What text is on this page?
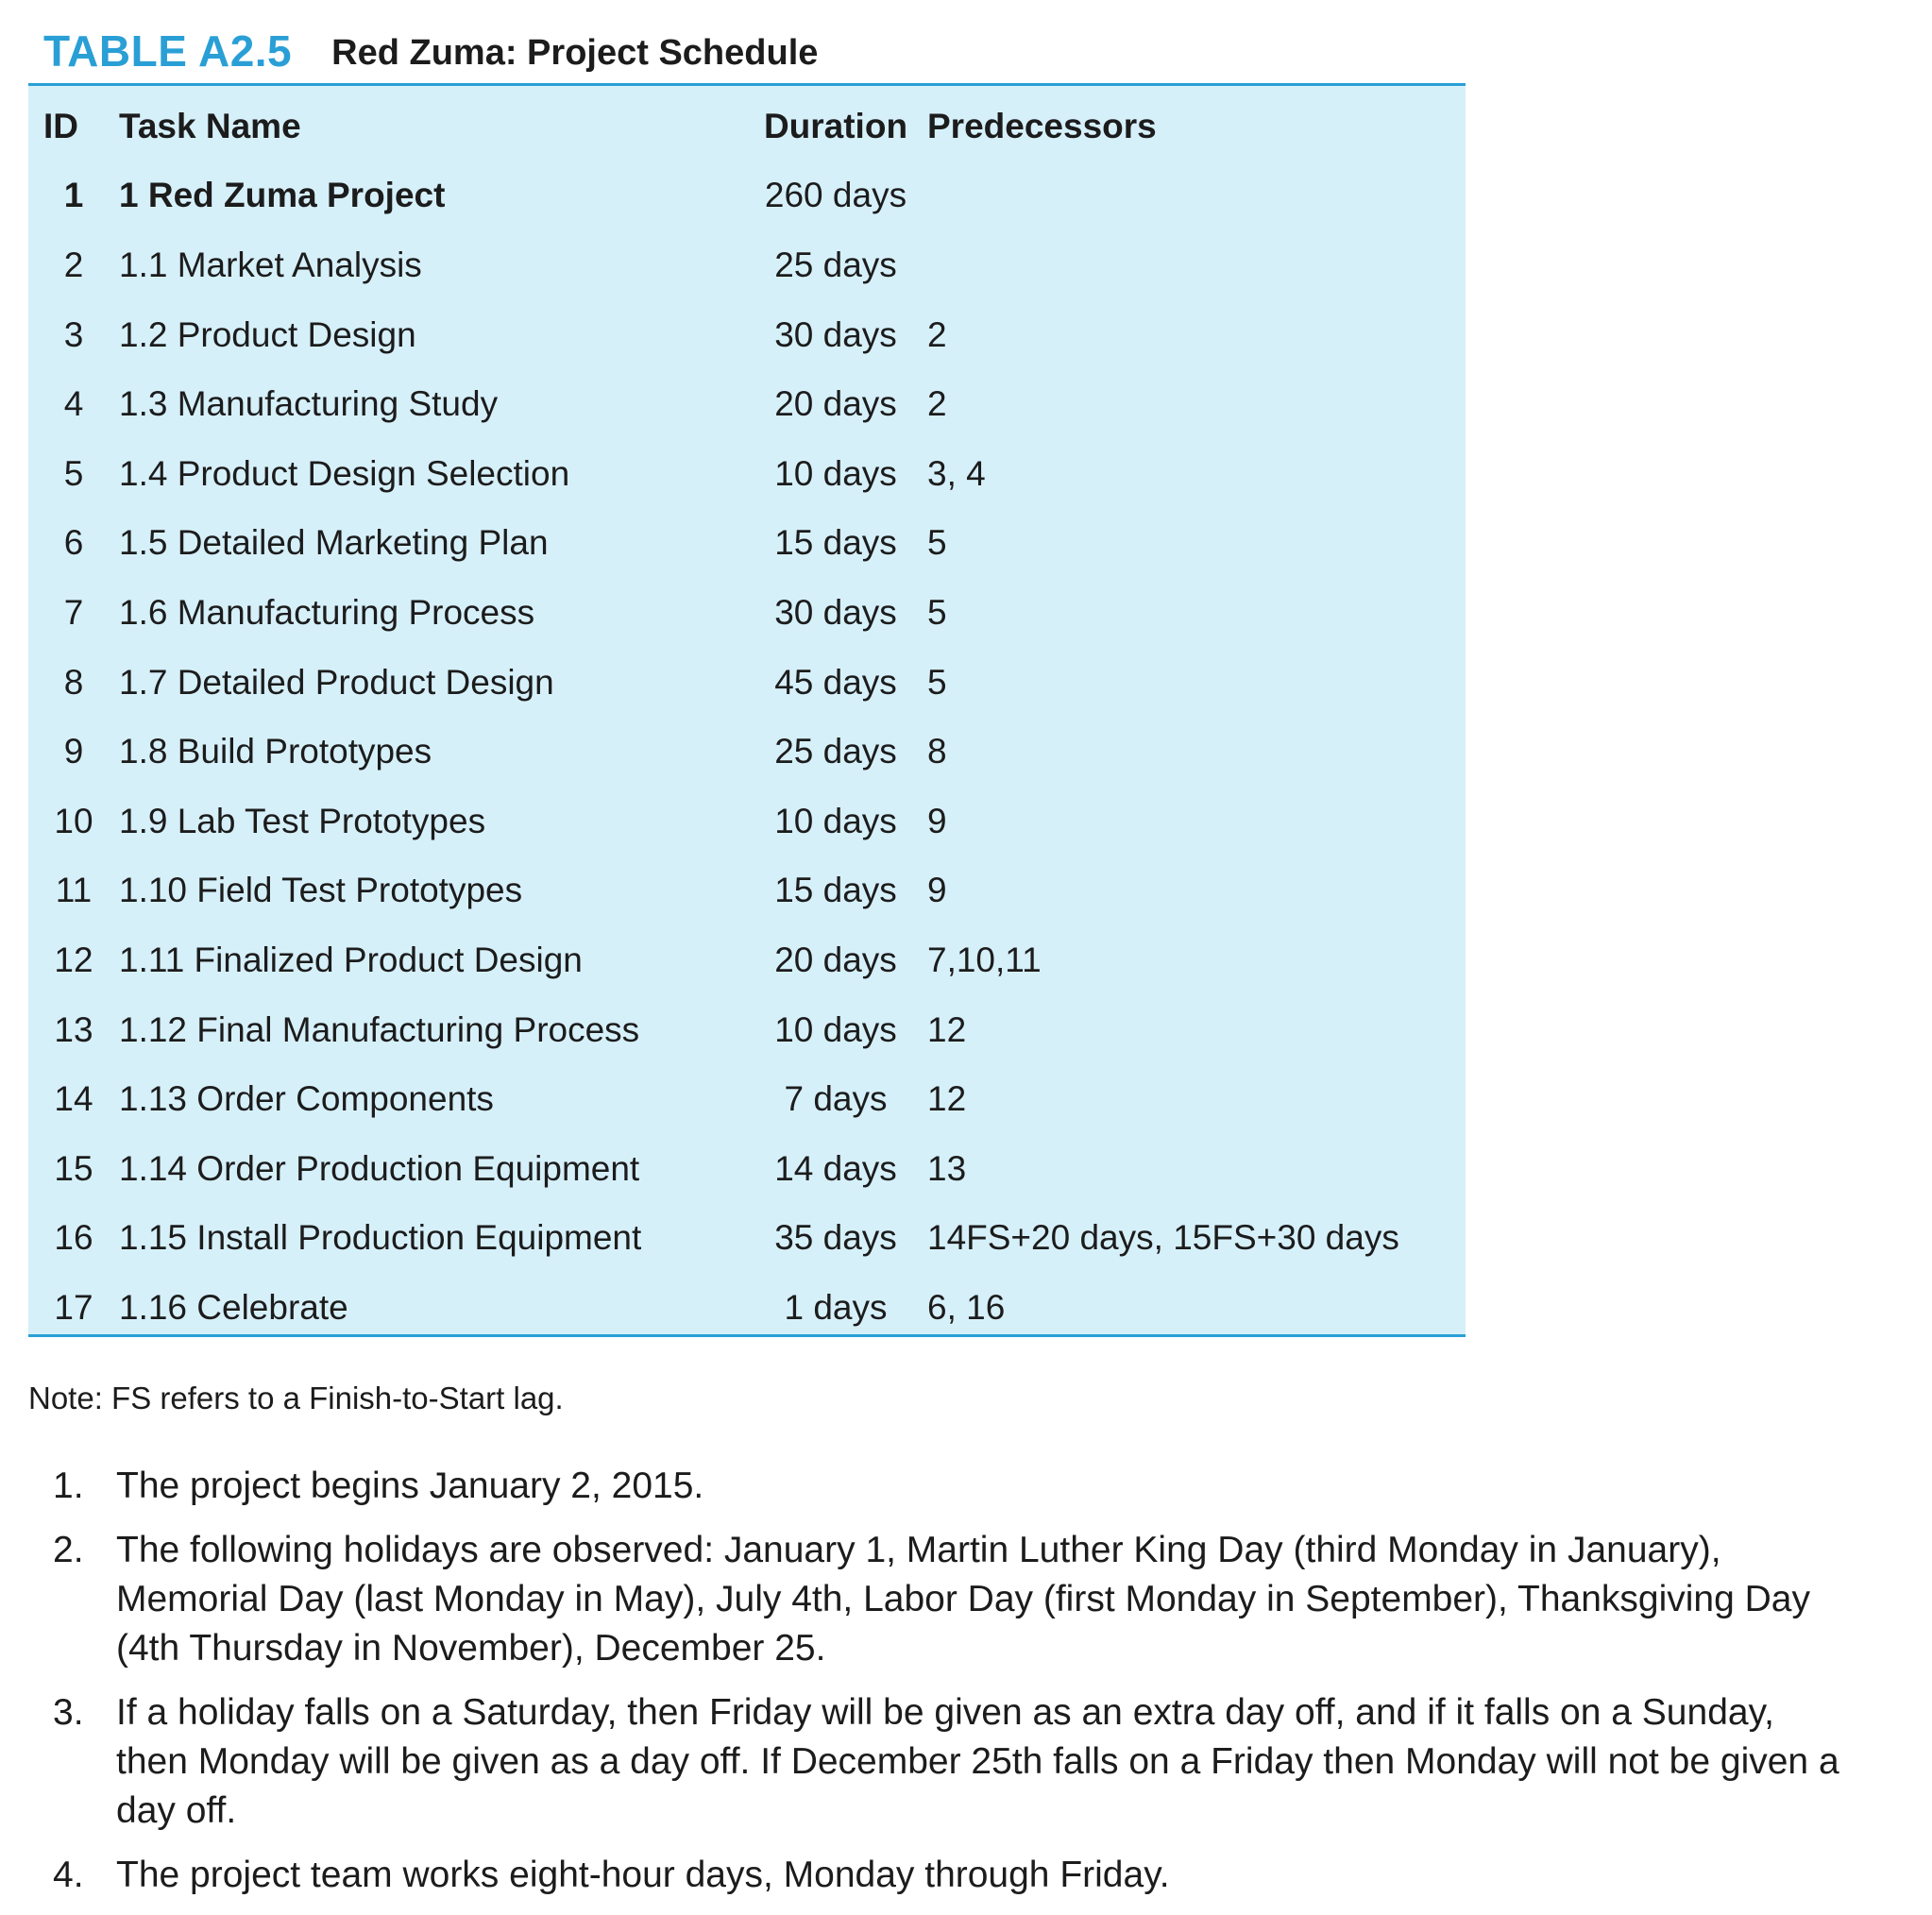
TABLE A2.5 Red Zuma: Project Schedule
ID	Task Name	Duration	Predecessors
1	1 Red Zuma Project	260 days	
2	1.1 Market Analysis	25 days	
3	1.2 Product Design	30 days	2
4	1.3 Manufacturing Study	20 days	2
5	1.4 Product Design Selection	10 days	3, 4
6	1.5 Detailed Marketing Plan	15 days	5
7	1.6 Manufacturing Process	30 days	5
8	1.7 Detailed Product Design	45 days	5
9	1.8 Build Prototypes	25 days	8
10	1.9 Lab Test Prototypes	10 days	9
11	1.10 Field Test Prototypes	15 days	9
12	1.11 Finalized Product Design	20 days	7,10,11
13	1.12 Final Manufacturing Process	10 days	12
14	1.13 Order Components	7 days	12
15	1.14 Order Production Equipment	14 days	13
16	1.15 Install Production Equipment	35 days	14FS+20 days, 15FS+30 days
17	1.16 Celebrate	1 days	6, 16
Note: FS refers to a Finish-to-Start lag.
1. The project begins January 2, 2015.
2. The following holidays are observed: January 1, Martin Luther King Day (third Monday in January), Memorial Day (last Monday in May), July 4th, Labor Day (first Monday in September), Thanksgiving Day (4th Thursday in November), December 25.
3. If a holiday falls on a Saturday, then Friday will be given as an extra day off, and if it falls on a Sunday, then Monday will be given as a day off. If December 25th falls on a Friday then Monday will not be given a day off.
4. The project team works eight-hour days, Monday through Friday.
